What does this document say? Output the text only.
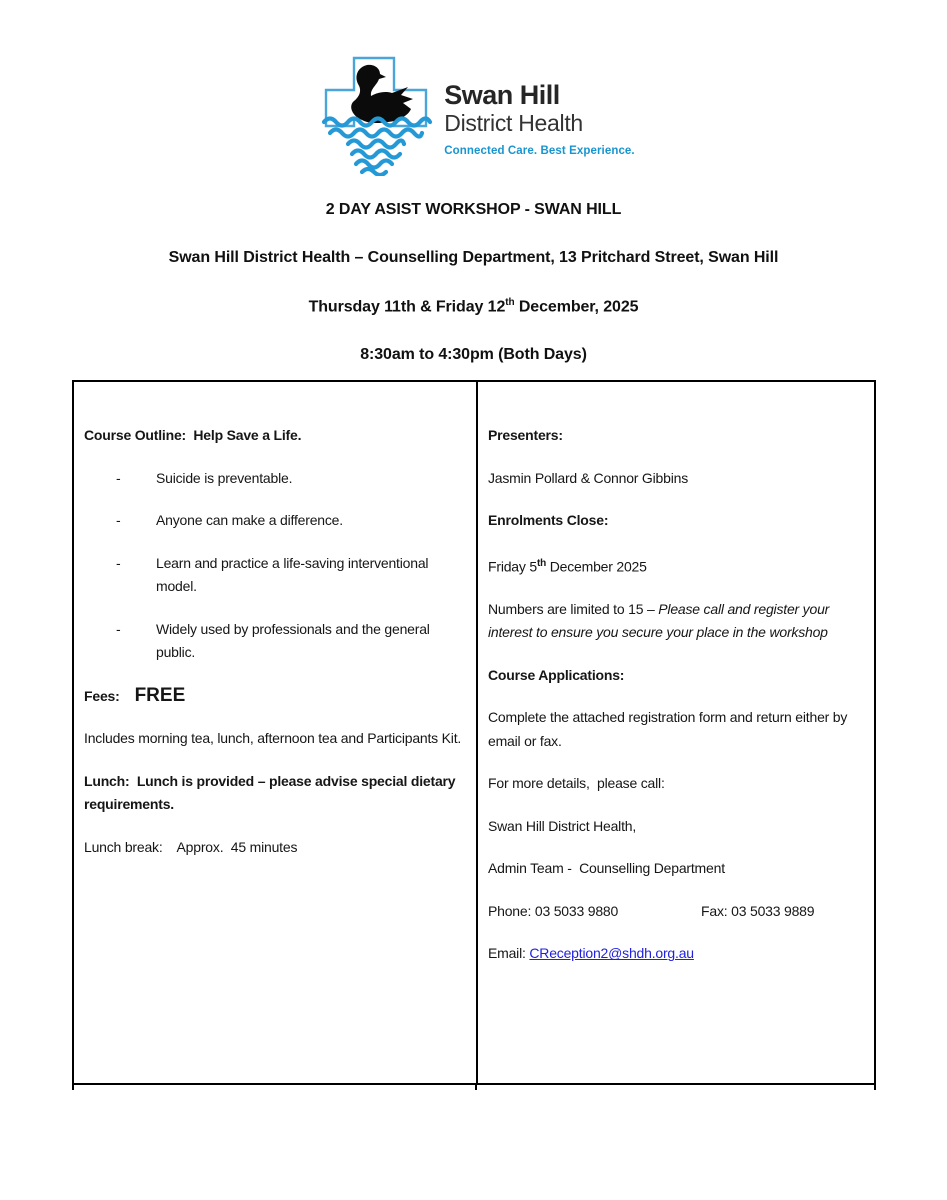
Swan Hill
District Health
Connected Care. Best Experience.
2 DAY ASIST WORKSHOP - SWAN HILL
Swan Hill District Health – Counselling Department, 13 Pritchard Street, Swan Hill
Thursday 11th & Friday 12th December, 2025
8:30am to 4:30pm (Both Days)

Course Outline:  Help Save a Life.

-	Suicide is preventable.
-	Anyone can make a difference.
-	Learn and practice a life-saving interventional model.
-	Widely used by professionals and the general public.

Fees: FREE

Includes morning tea, lunch, afternoon tea and Participants Kit.

Lunch:  Lunch is provided – please advise special dietary requirements.

Lunch break:    Approx.  45 minutes

Presenters:

Jasmin Pollard & Connor Gibbins

Enrolments Close:

Friday 5th December 2025

Numbers are limited to 15 – Please call and register your interest to ensure you secure your place in the workshop

Course Applications:

Complete the attached registration form and return either by email or fax.

For more details,  please call:

Swan Hill District Health,

Admin Team -  Counselling Department

Phone: 03 5033 9880	Fax: 03 5033 9889

Email: CReception2@shdh.org.au
